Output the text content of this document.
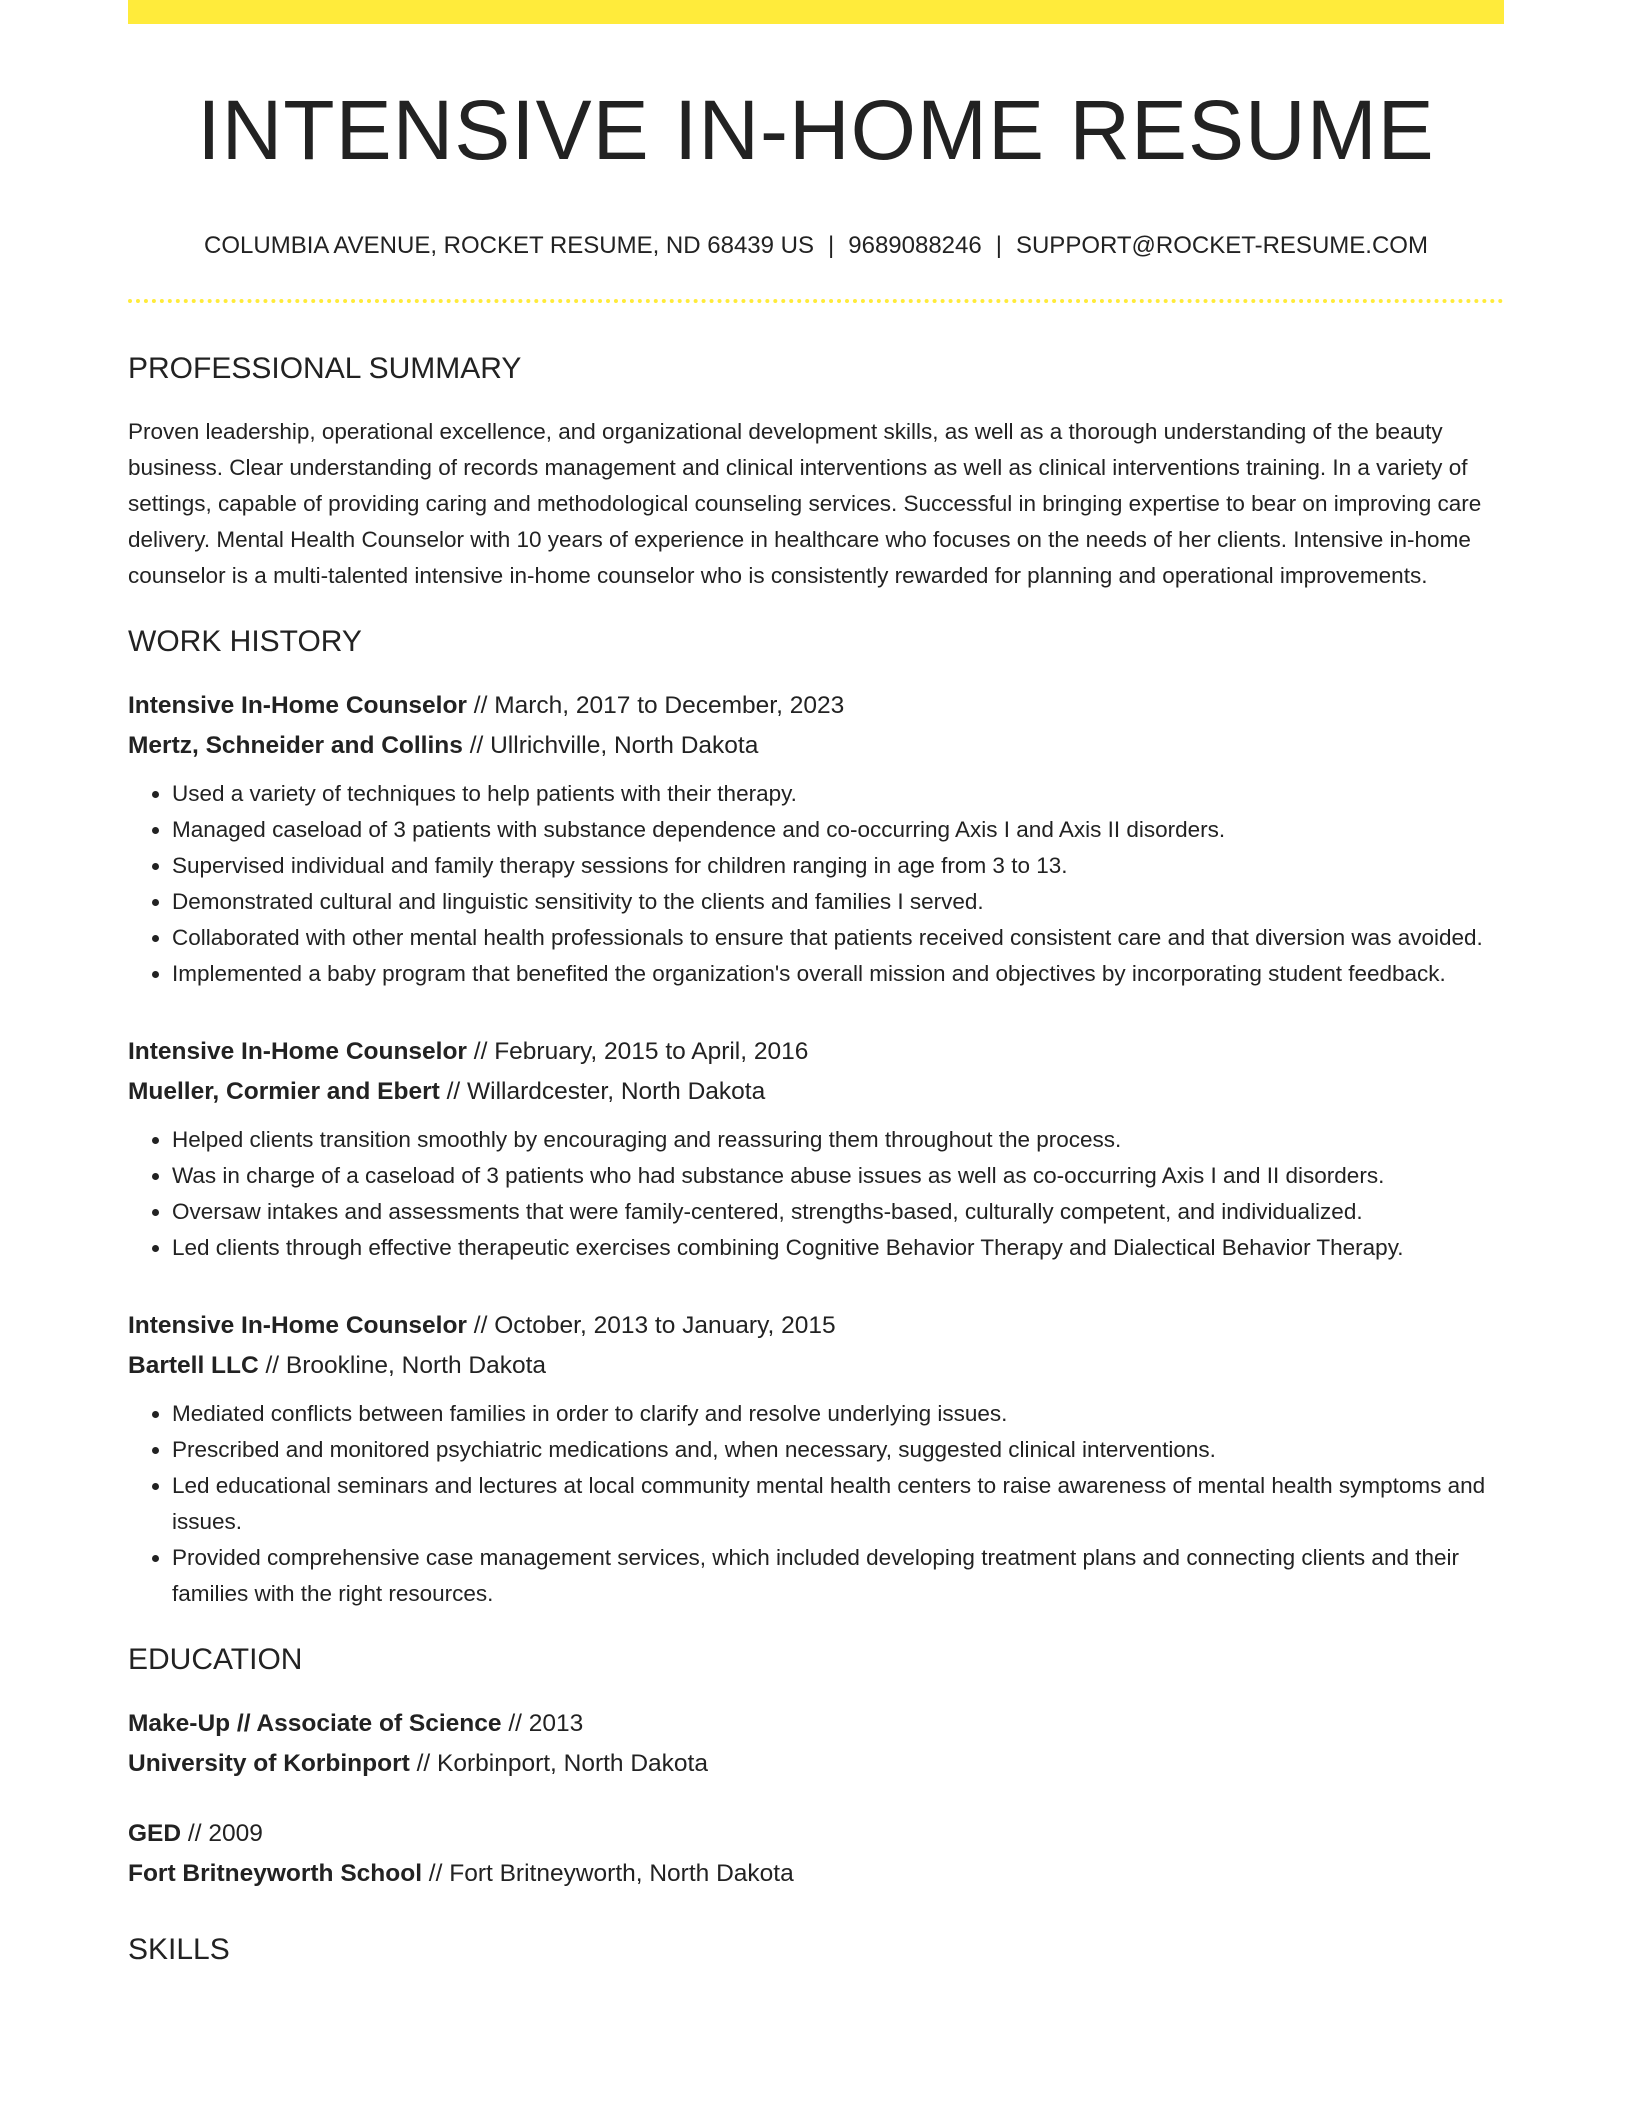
INTENSIVE IN-HOME RESUME
COLUMBIA AVENUE, ROCKET RESUME, ND 68439 US | 9689088246 | SUPPORT@ROCKET-RESUME.COM
PROFESSIONAL SUMMARY

Proven leadership, operational excellence, and organizational development skills, as well as a thorough understanding of the beauty business. Clear understanding of records management and clinical interventions as well as clinical interventions training. In a variety of settings, capable of providing caring and methodological counseling services. Successful in bringing expertise to bear on improving care delivery. Mental Health Counselor with 10 years of experience in healthcare who focuses on the needs of her clients. Intensive in-home counselor is a multi-talented intensive in-home counselor who is consistently rewarded for planning and operational improvements.

WORK HISTORY
Intensive In-Home Counselor // March, 2017 to December, 2023
Mertz, Schneider and Collins // Ullrichville, North Dakota
• Used a variety of techniques to help patients with their therapy.
• Managed caseload of 3 patients with substance dependence and co-occurring Axis I and Axis II disorders.
• Supervised individual and family therapy sessions for children ranging in age from 3 to 13.
• Demonstrated cultural and linguistic sensitivity to the clients and families I served.
• Collaborated with other mental health professionals to ensure that patients received consistent care and that diversion was avoided.
• Implemented a baby program that benefited the organization's overall mission and objectives by incorporating student feedback.
Intensive In-Home Counselor // February, 2015 to April, 2016
Mueller, Cormier and Ebert // Willardcester, North Dakota
• Helped clients transition smoothly by encouraging and reassuring them throughout the process.
• Was in charge of a caseload of 3 patients who had substance abuse issues as well as co-occurring Axis I and II disorders.
• Oversaw intakes and assessments that were family-centered, strengths-based, culturally competent, and individualized.
• Led clients through effective therapeutic exercises combining Cognitive Behavior Therapy and Dialectical Behavior Therapy.
Intensive In-Home Counselor // October, 2013 to January, 2015
Bartell LLC // Brookline, North Dakota
• Mediated conflicts between families in order to clarify and resolve underlying issues.
• Prescribed and monitored psychiatric medications and, when necessary, suggested clinical interventions.
• Led educational seminars and lectures at local community mental health centers to raise awareness of mental health symptoms and issues.
• Provided comprehensive case management services, which included developing treatment plans and connecting clients and their families with the right resources.
EDUCATION
Make-Up // Associate of Science // 2013
University of Korbinport // Korbinport, North Dakota
GED // 2009
Fort Britneyworth School // Fort Britneyworth, North Dakota
SKILLS
